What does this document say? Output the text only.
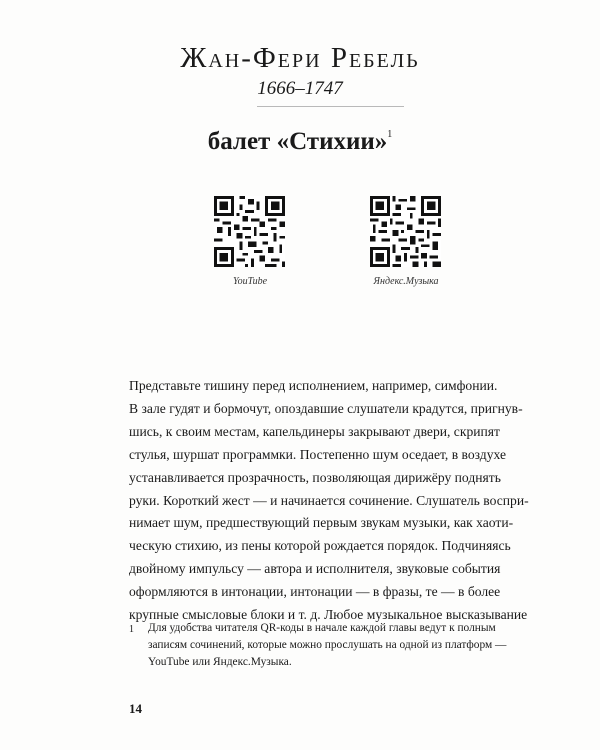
Жан-Фери Ребель
1666–1747
балет «Стихии»$^1$
YouTube	Яндекс.Музыка
Представьте тишину перед исполнением, например, симфонии.
В зале гудят и бормочут, опоздавшие слушатели крадутся, пригнув-
шись, к своим местам, капельдинеры закрывают двери, скрипят
стулья, шуршат программки. Постепенно шум оседает, в воздухе
устанавливается прозрачность, позволяющая дирижёру поднять
руки. Короткий жест — и начинается сочинение. Слушатель воспри-
нимает шум, предшествующий первым звукам музыки, как хаоти-
ческую стихию, из пены которой рождается порядок. Подчиняясь
двойному импульсу — автора и исполнителя, звуковые события
оформляются в интонации, интонации — в фразы, те — в более
крупные смысловые блоки и т. д. Любое музыкальное высказывание
1 Для удобства читателя QR-коды в начале каждой главы ведут к полным
записям сочинений, которые можно прослушать на одной из платформ —
YouTube или Яндекс.Музыка.
14
